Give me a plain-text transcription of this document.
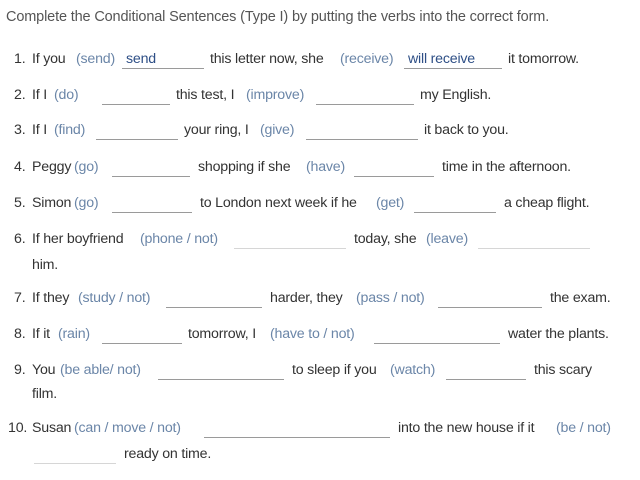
Complete the Conditional Sentences (Type I) by putting the verbs into the correct form.
1. If you (send) send	this letter now, she (receive) will receive it tomorrow.
2. If I (do)	this test, I (improve)	my English.
3. If I (find)	your ring, I (give)	it back to you.
4. Peggy (go)	shopping if she (have)	time in the afternoon.
5. Simon (go)	to London next week if he (get)	a cheap flight.
6. If her boyfriend (phone / not)	today, she (leave)
him.
7. If they (study / not)	harder, they (pass / not)	the exam.
8. If it (rain)	tomorrow, I (have to / not)	water the plants.
9. You (be able/ not)	to sleep if you (watch)	this scary
film.
10. Susan (can / move / not)	into the new house if it (be / not)
ready on time.
